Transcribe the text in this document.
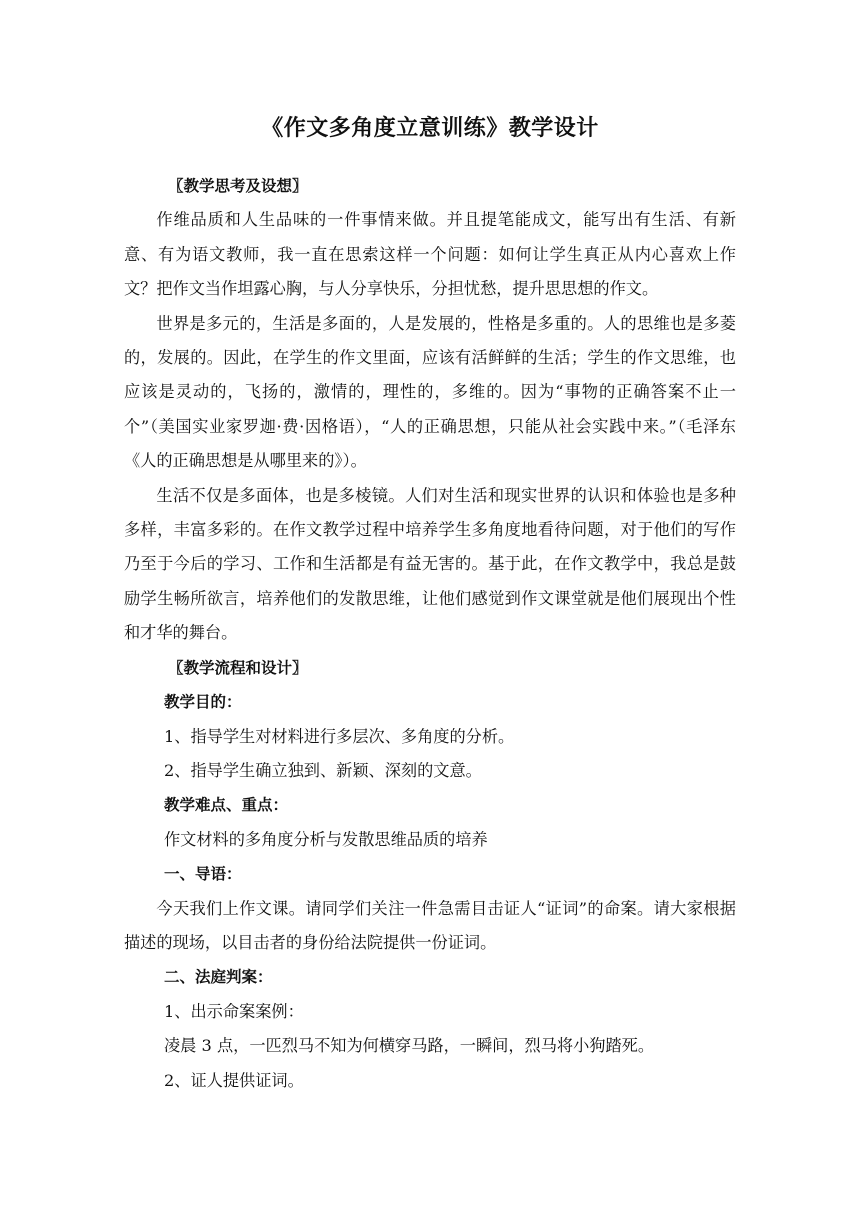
《作文多角度立意训练》教学设计

〖教学思考及设想〗

作维品质和人生品味的一件事情来做。并且提笔能成文，能写出有生活、有新意、有为语文教师，我一直在思索这样一个问题：如何让学生真正从内心喜欢上作文？把作文当作坦露心胸，与人分享快乐，分担忧愁，提升思思想的作文。

世界是多元的，生活是多面的，人是发展的，性格是多重的。人的思维也是多菱的，发展的。因此，在学生的作文里面，应该有活鲜鲜的生活；学生的作文思维，也应该是灵动的，飞扬的，激情的，理性的，多维的。因为“事物的正确答案不止一个”（美国实业家罗迦·费·因格语），“人的正确思想，只能从社会实践中来。”（毛泽东《人的正确思想是从哪里来的》）。

生活不仅是多面体，也是多棱镜。人们对生活和现实世界的认识和体验也是多种多样，丰富多彩的。在作文教学过程中培养学生多角度地看待问题，对于他们的写作乃至于今后的学习、工作和生活都是有益无害的。基于此，在作文教学中，我总是鼓励学生畅所欲言，培养他们的发散思维，让他们感觉到作文课堂就是他们展现出个性和才华的舞台。

〖教学流程和设计〗

教学目的：

1、指导学生对材料进行多层次、多角度的分析。

2、指导学生确立独到、新颖、深刻的文意。

教学难点、重点：

作文材料的多角度分析与发散思维品质的培养

一、导语：

今天我们上作文课。请同学们关注一件急需目击证人“证词”的命案。请大家根据描述的现场，以目击者的身份给法院提供一份证词。

二、法庭判案：

1、出示命案案例：

凌晨 3 点，一匹烈马不知为何横穿马路，一瞬间，烈马将小狗踏死。

2、证人提供证词。
